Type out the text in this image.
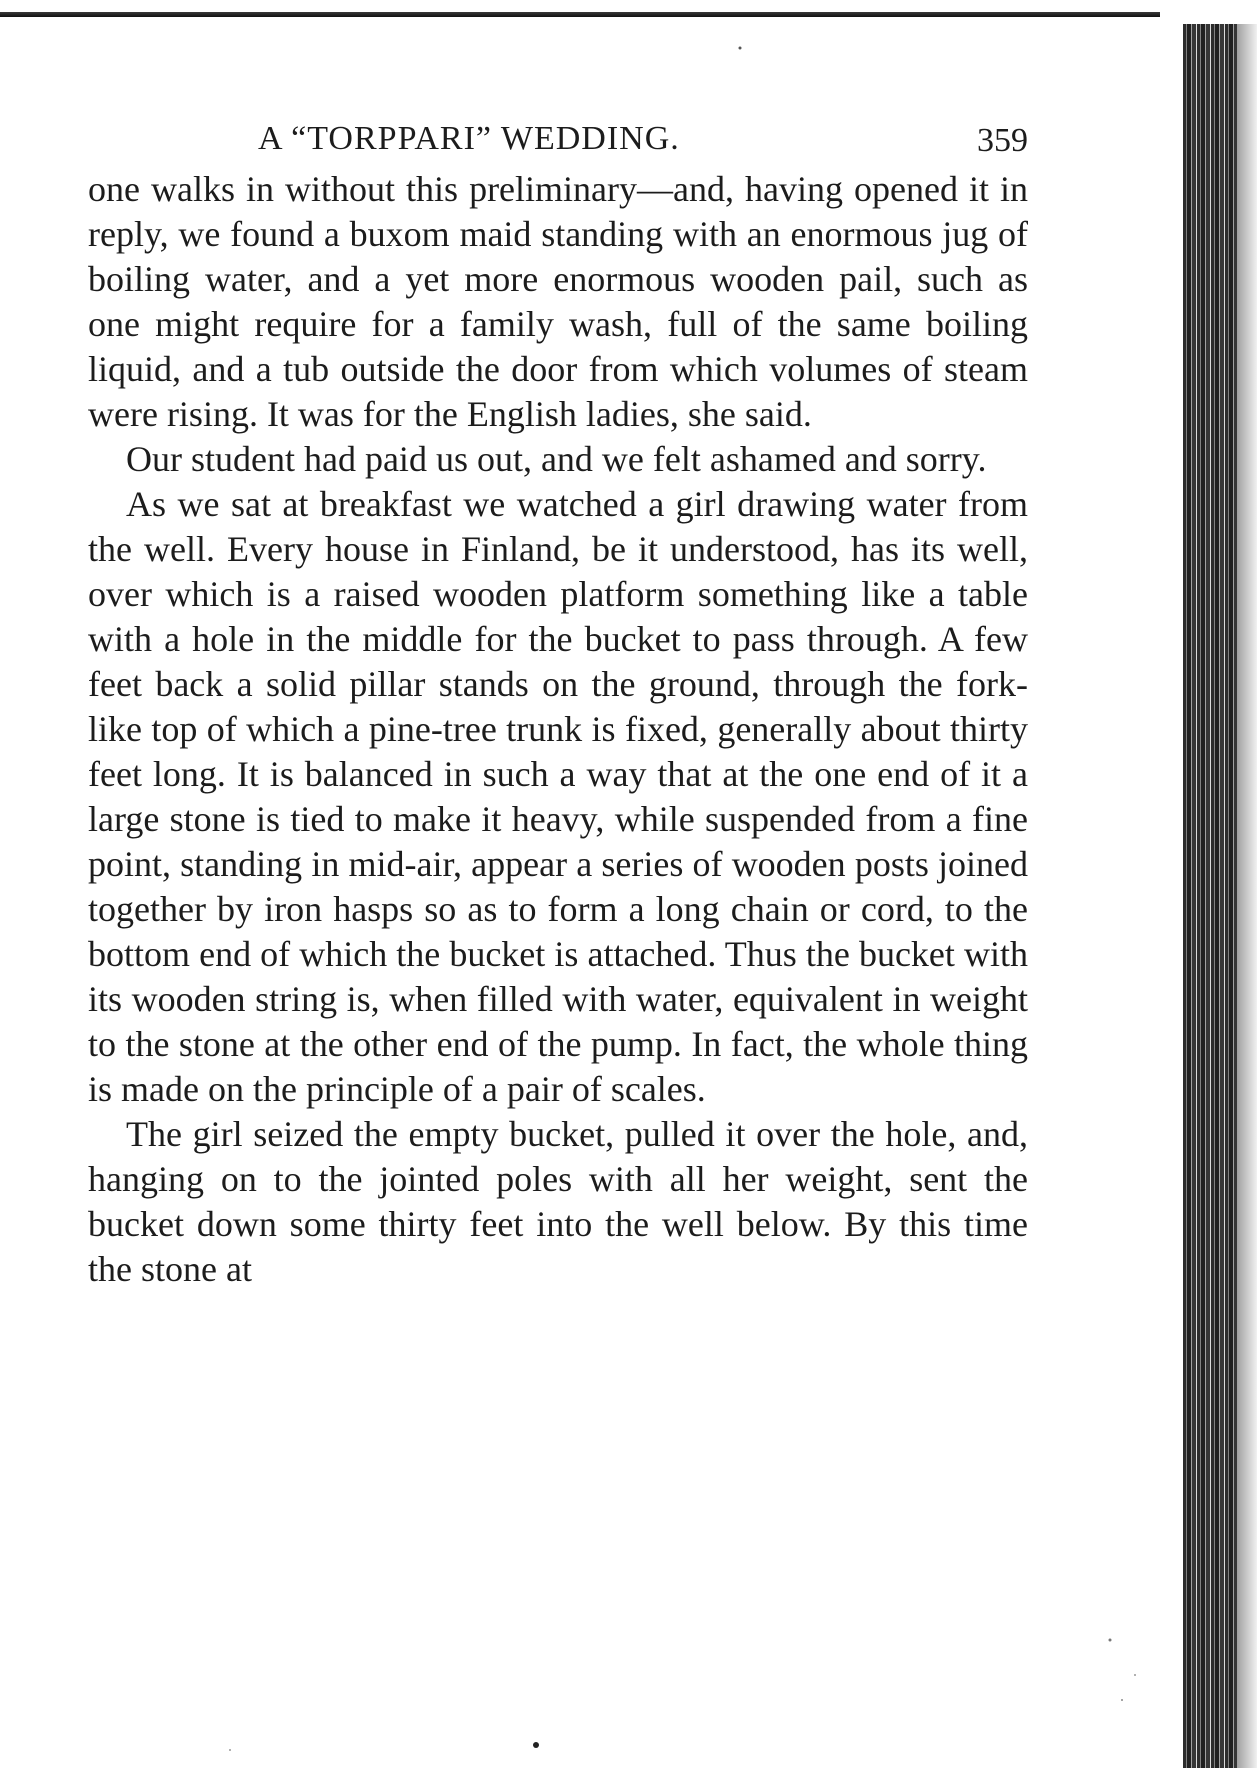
A “TORPPARI” WEDDING.	359

one walks in without this preliminary—and, having opened it in reply, we found a buxom maid standing with an enormous jug of boiling water, and a yet more enormous wooden pail, such as one might require for a family wash, full of the same boiling liquid, and a tub outside the door from which volumes of steam were rising. It was for the English ladies, she said.

Our student had paid us out, and we felt ashamed and sorry.

As we sat at breakfast we watched a girl drawing water from the well. Every house in Finland, be it understood, has its well, over which is a raised wooden platform something like a table with a hole in the middle for the bucket to pass through. A few feet back a solid pillar stands on the ground, through the fork-like top of which a pine-tree trunk is fixed, generally about thirty feet long. It is balanced in such a way that at the one end of it a large stone is tied to make it heavy, while suspended from a fine point, standing in mid-air, appear a series of wooden posts joined together by iron hasps so as to form a long chain or cord, to the bottom end of which the bucket is attached. Thus the bucket with its wooden string is, when filled with water, equivalent in weight to the stone at the other end of the pump. In fact, the whole thing is made on the principle of a pair of scales.

The girl seized the empty bucket, pulled it over the hole, and, hanging on to the jointed poles with all her weight, sent the bucket down some thirty feet into the well below. By this time the stone at
